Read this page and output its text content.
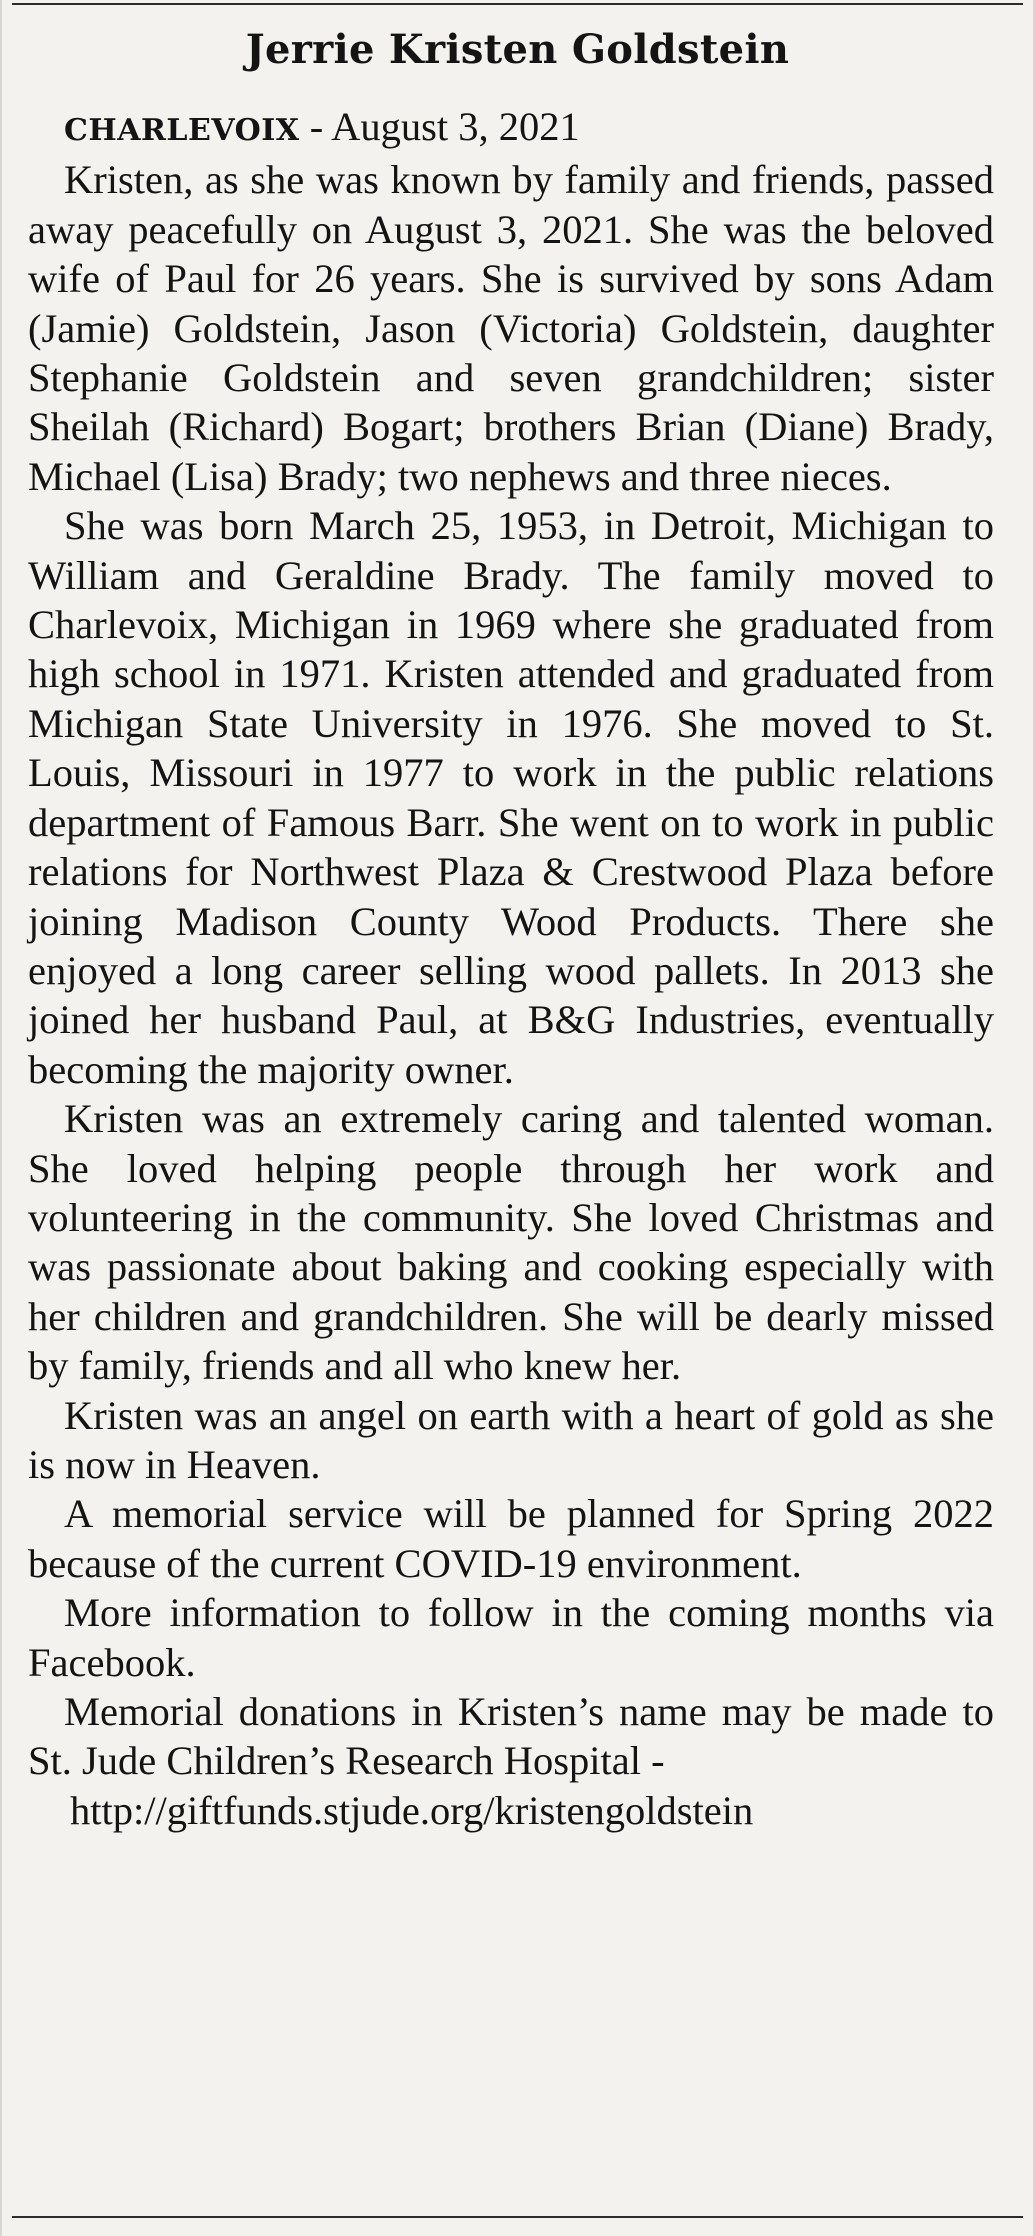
Jerrie Kristen Goldstein

CHARLEVOIX - August 3, 2021

Kristen, as she was known by family and friends, passed away peacefully on August 3, 2021. She was the beloved wife of Paul for 26 years. She is survived by sons Adam (Jamie) Goldstein, Jason (Victoria) Goldstein, daughter Stephanie Goldstein and seven grandchildren; sister Sheilah (Richard) Bogart; brothers Brian (Diane) Brady, Michael (Lisa) Brady; two nephews and three nieces.

She was born March 25, 1953, in Detroit, Michigan to William and Geraldine Brady. The family moved to Charlevoix, Michigan in 1969 where she graduated from high school in 1971. Kristen attended and graduated from Michigan State University in 1976. She moved to St. Louis, Missouri in 1977 to work in the public relations department of Famous Barr. She went on to work in public relations for Northwest Plaza & Crestwood Plaza before joining Madison County Wood Products. There she enjoyed a long career selling wood pallets. In 2013 she joined her husband Paul, at B&G Industries, eventually becoming the majority owner.

Kristen was an extremely caring and talented woman. She loved helping people through her work and volunteering in the community. She loved Christmas and was passionate about baking and cooking especially with her children and grandchildren. She will be dearly missed by family, friends and all who knew her.

Kristen was an angel on earth with a heart of gold as she is now in Heaven.

A memorial service will be planned for Spring 2022 because of the current COVID-19 environment.

More information to follow in the coming months via Facebook.

Memorial donations in Kristen’s name may be made to St. Jude Children’s Research Hospital -
http://giftfunds.stjude.org/kristengoldstein
